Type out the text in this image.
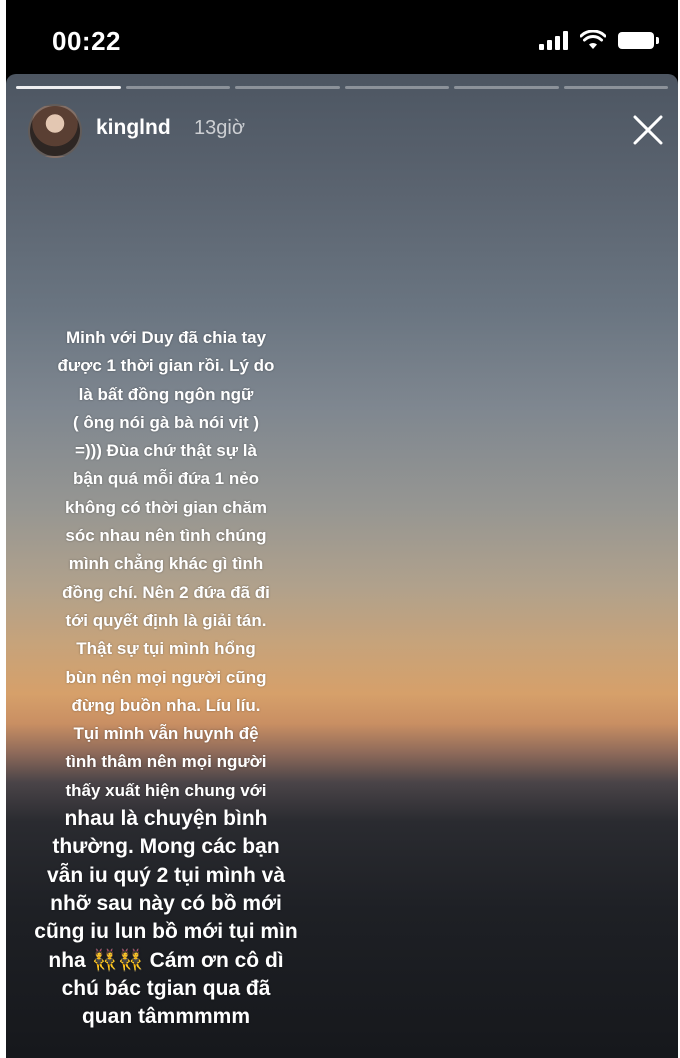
00:22
kinglnd 13giờ
Minh với Duy đã chia tay
được 1 thời gian rồi. Lý do
là bất đồng ngôn ngữ
( ông nói gà bà nói vịt )
=))) Đùa chứ thật sự là
bận quá mỗi đứa 1 nẻo
không có thời gian chăm
sóc nhau nên tình chúng
mình chẳng khác gì tình
đồng chí. Nên 2 đứa đã đi
tới quyết định là giải tán.
Thật sự tụi mình hổng
bùn nên mọi người cũng
đừng buồn nha. Líu líu.
Tụi mình vẫn huynh đệ
tình thâm nên mọi người
thấy xuất hiện chung với
nhau là chuyện bình
thường. Mong các bạn
vẫn iu quý 2 tụi mình và
nhỡ sau này có bồ mới
cũng iu lun bồ mới tụi mìn
nha 👯👯 Cám ơn cô dì
chú bác tgian qua đã
quan tâmmmmm
